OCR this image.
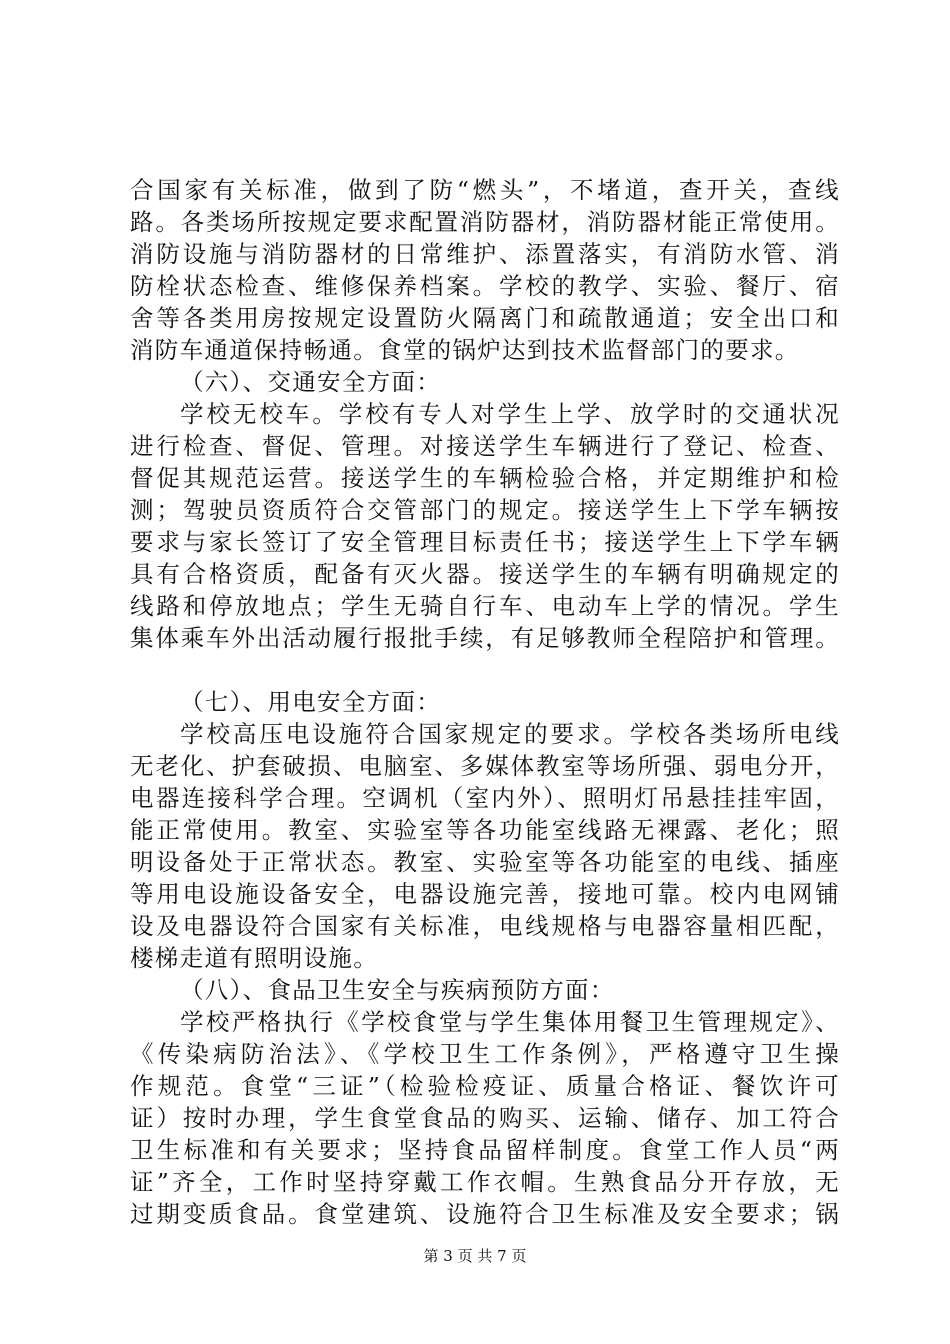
合国家有关标准，做到了防“燃头”，不堵道，查开关，查线
路。各类场所按规定要求配置消防器材，消防器材能正常使用。
消防设施与消防器材的日常维护、添置落实，有消防水管、消
防栓状态检查、维修保养档案。学校的教学、实验、餐厅、宿
舍等各类用房按规定设置防火隔离门和疏散通道；安全出口和
消防车通道保持畅通。食堂的锅炉达到技术监督部门的要求。
（六）、交通安全方面：
学校无校车。学校有专人对学生上学、放学时的交通状况
进行检查、督促、管理。对接送学生车辆进行了登记、检查、
督促其规范运营。接送学生的车辆检验合格，并定期维护和检
测；驾驶员资质符合交管部门的规定。接送学生上下学车辆按
要求与家长签订了安全管理目标责任书；接送学生上下学车辆
具有合格资质，配备有灭火器。接送学生的车辆有明确规定的
线路和停放地点；学生无骑自行车、电动车上学的情况。学生
集体乘车外出活动履行报批手续，有足够教师全程陪护和管理。
（七）、用电安全方面：
学校高压电设施符合国家规定的要求。学校各类场所电线
无老化、护套破损、电脑室、多媒体教室等场所强、弱电分开，
电器连接科学合理。空调机（室内外）、照明灯吊悬挂挂牢固，
能正常使用。教室、实验室等各功能室线路无裸露、老化；照
明设备处于正常状态。教室、实验室等各功能室的电线、插座
等用电设施设备安全，电器设施完善，接地可靠。校内电网铺
设及电器设符合国家有关标准，电线规格与电器容量相匹配，
楼梯走道有照明设施。
（八）、食品卫生安全与疾病预防方面：
学校严格执行《学校食堂与学生集体用餐卫生管理规定》、
《传染病防治法》、《学校卫生工作条例》，严格遵守卫生操
作规范。食堂“三证”（检验检疫证、质量合格证、餐饮许可
证）按时办理，学生食堂食品的购买、运输、储存、加工符合
卫生标准和有关要求；坚持食品留样制度。食堂工作人员“两
证”齐全，工作时坚持穿戴工作衣帽。生熟食品分开存放，无
过期变质食品。食堂建筑、设施符合卫生标准及安全要求；锅
第 3 页 共 7 页
